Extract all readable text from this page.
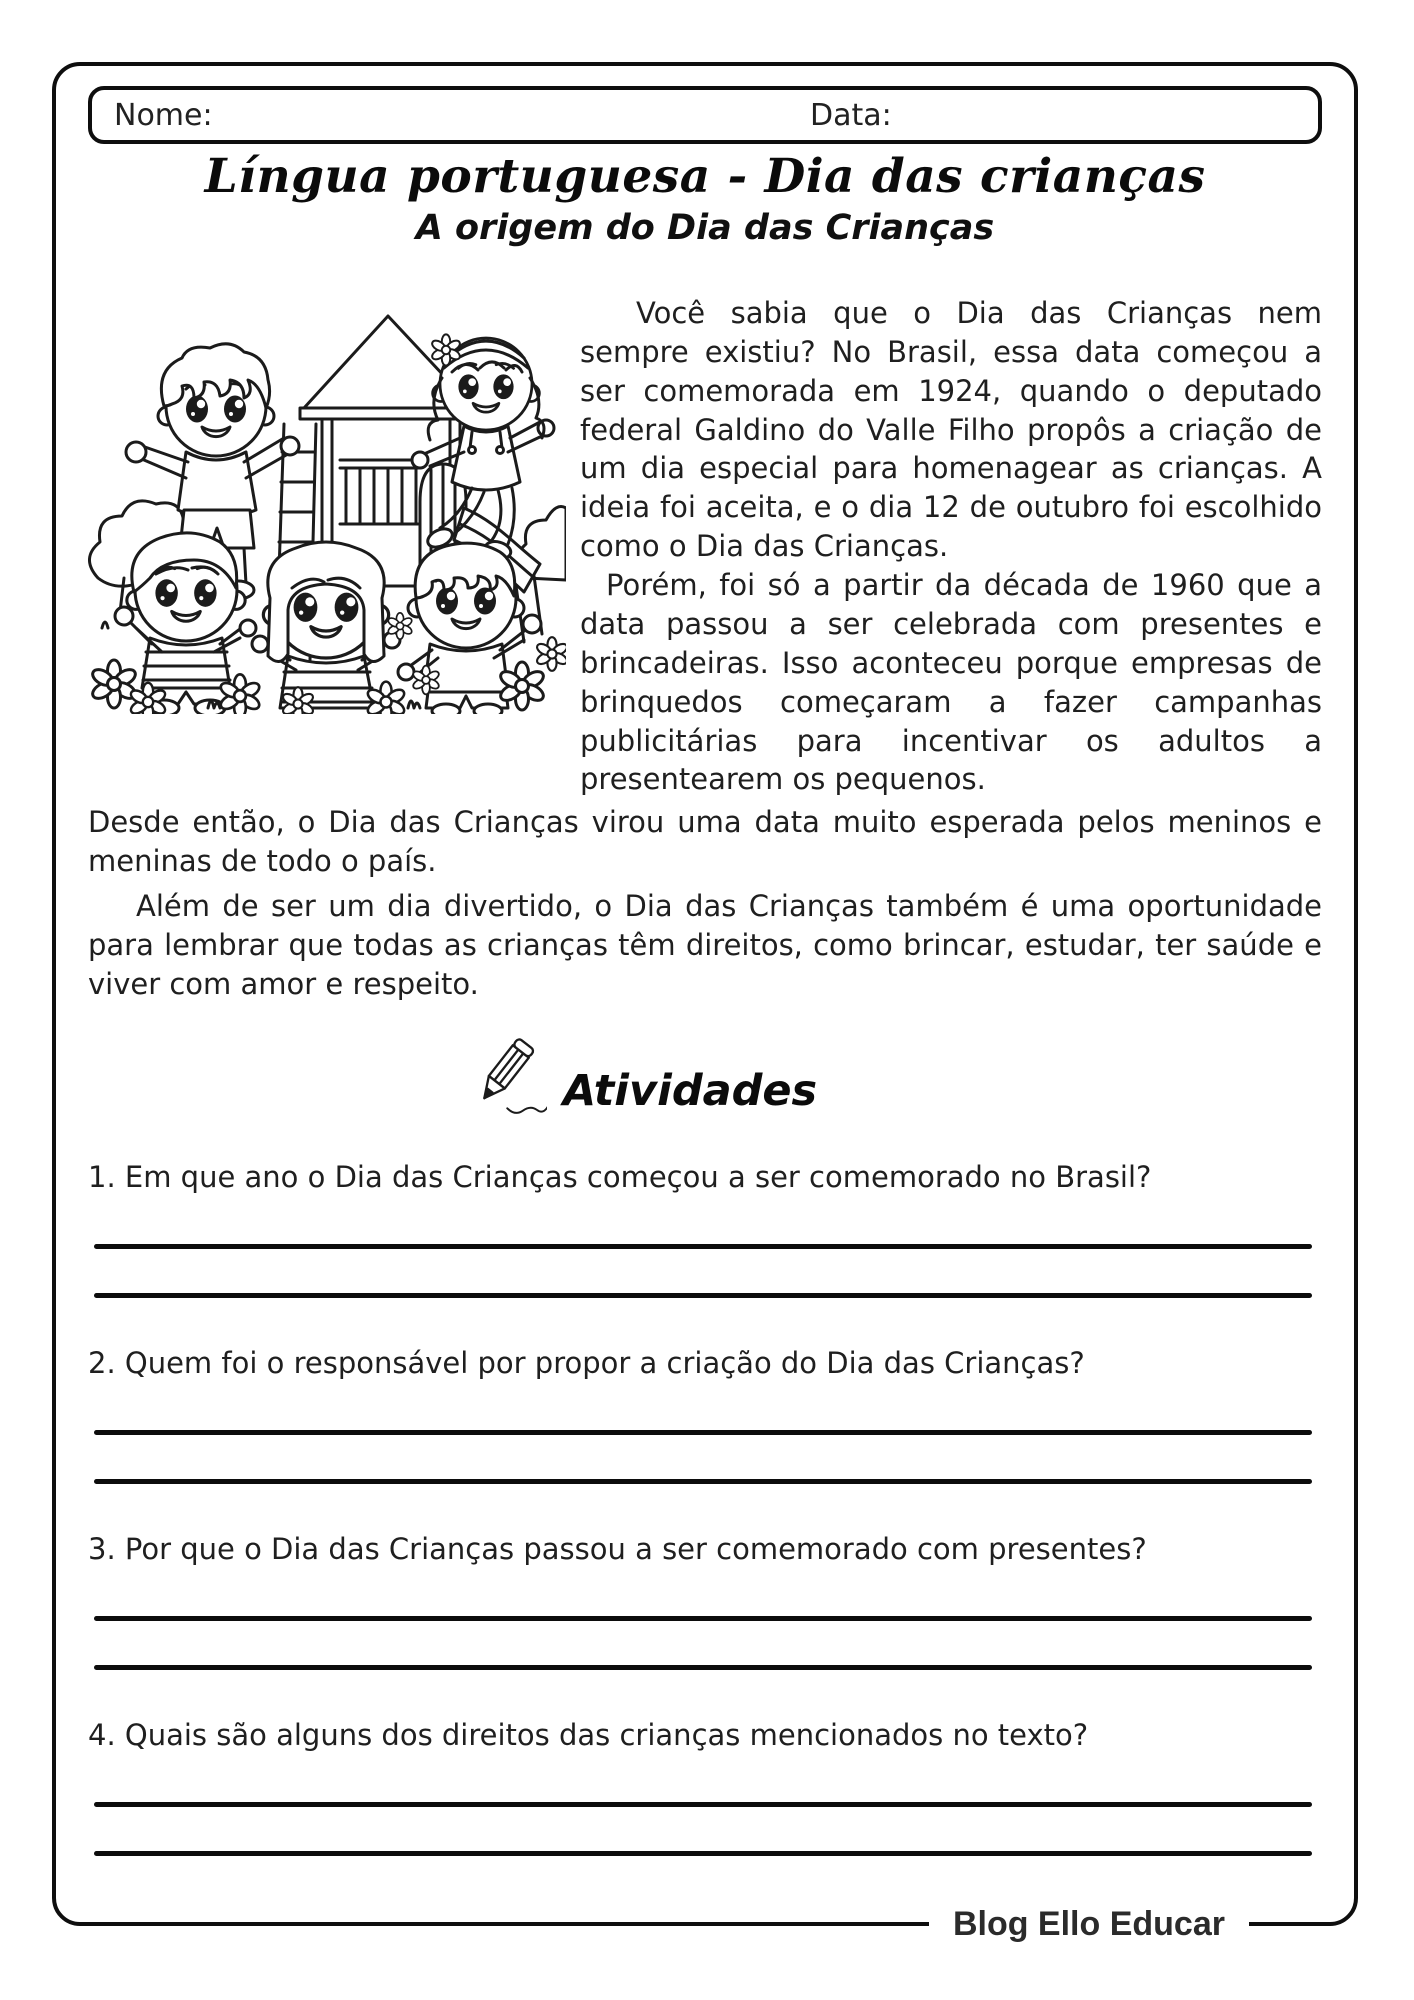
Nome:	Data:
Língua portuguesa - Dia das crianças
A origem do Dia das Crianças

Você sabia que o Dia das Crianças nem sempre existiu? No Brasil, essa data começou a ser comemorada em 1924, quando o deputado federal Galdino do Valle Filho propôs a criação de um dia especial para homenagear as crianças. A ideia foi aceita, e o dia 12 de outubro foi escolhido como o Dia das Crianças.

Porém, foi só a partir da década de 1960 que a data passou a ser celebrada com presentes e brincadeiras. Isso aconteceu porque empresas de brinquedos começaram a fazer campanhas publicitárias para incentivar os adultos a presentearem os pequenos.

Desde então, o Dia das Crianças virou uma data muito esperada pelos meninos e meninas de todo o país.

Além de ser um dia divertido, o Dia das Crianças também é uma oportunidade para lembrar que todas as crianças têm direitos, como brincar, estudar, ter saúde e viver com amor e respeito.

Atividades
1. Em que ano o Dia das Crianças começou a ser comemorado no Brasil?
2. Quem foi o responsável por propor a criação do Dia das Crianças?
3. Por que o Dia das Crianças passou a ser comemorado com presentes?
4. Quais são alguns dos direitos das crianças mencionados no texto?
Blog Ello Educar
